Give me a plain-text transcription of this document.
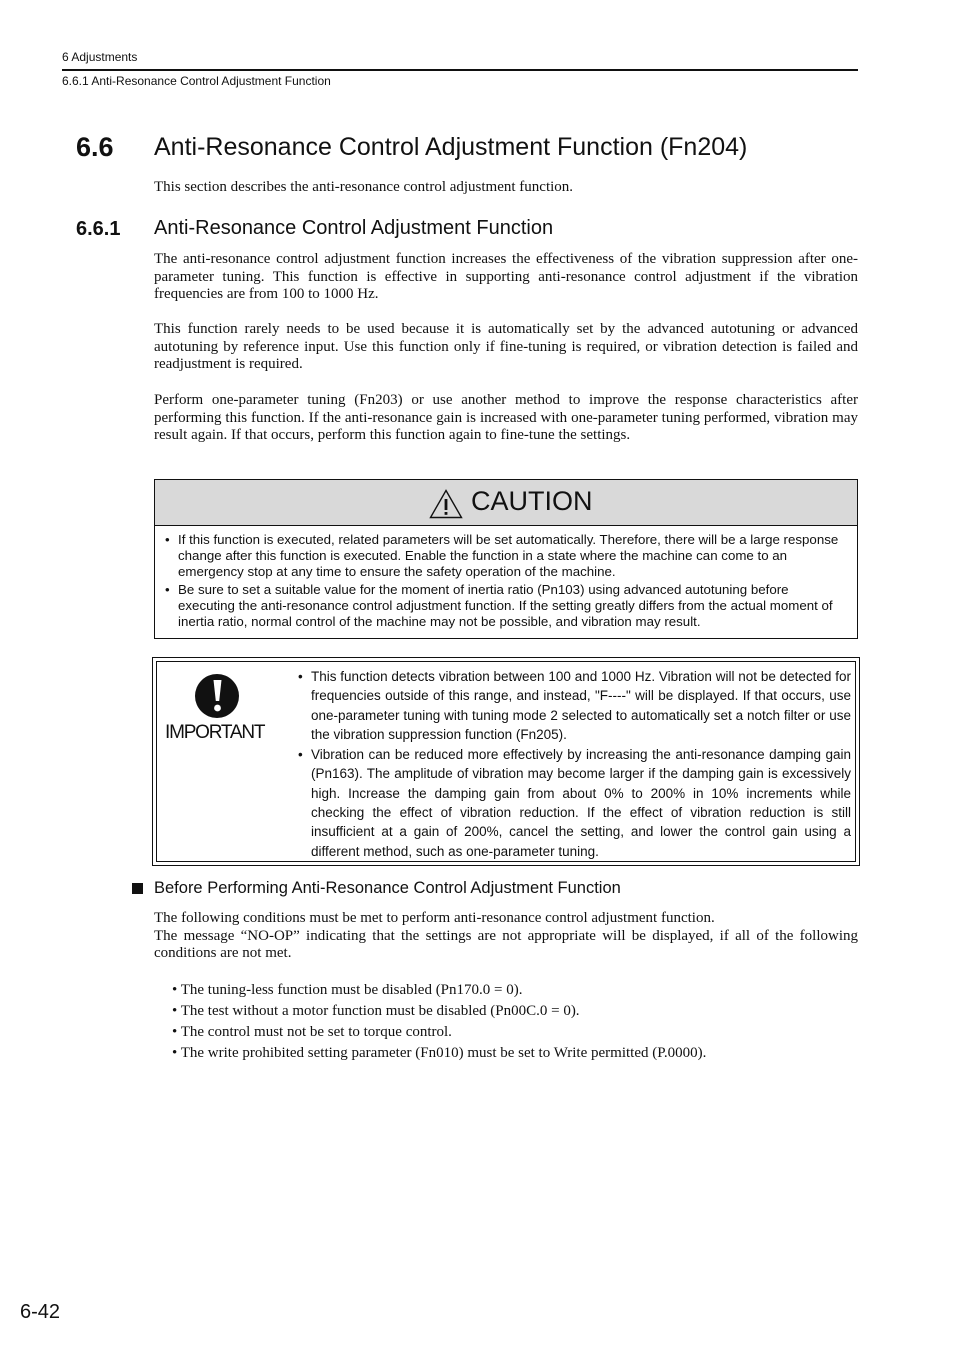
6 Adjustments
6.6.1 Anti-Resonance Control Adjustment Function
6.6 Anti-Resonance Control Adjustment Function (Fn204)
This section describes the anti-resonance control adjustment function.
6.6.1 Anti-Resonance Control Adjustment Function
The anti-resonance control adjustment function increases the effectiveness of the vibration suppression after one-parameter tuning. This function is effective in supporting anti-resonance control adjustment if the vibration frequencies are from 100 to 1000 Hz.
This function rarely needs to be used because it is automatically set by the advanced autotuning or advanced autotuning by reference input. Use this function only if fine-tuning is required, or vibration detection is failed and readjustment is required.
Perform one-parameter tuning (Fn203) or use another method to improve the response characteristics after performing this function. If the anti-resonance gain is increased with one-parameter tuning performed, vibration may result again. If that occurs, perform this function again to fine-tune the settings.
CAUTION
• If this function is executed, related parameters will be set automatically. Therefore, there will be a large response change after this function is executed. Enable the function in a state where the machine can come to an emergency stop at any time to ensure the safety operation of the machine.
• Be sure to set a suitable value for the moment of inertia ratio (Pn103) using advanced autotuning before executing the anti-resonance control adjustment function. If the setting greatly differs from the actual moment of inertia ratio, normal control of the machine may not be possible, and vibration may result.
IMPORTANT
• This function detects vibration between 100 and 1000 Hz. Vibration will not be detected for frequencies outside of this range, and instead, "F----" will be displayed. If that occurs, use one-parameter tuning with tuning mode 2 selected to automatically set a notch filter or use the vibration suppression function (Fn205).
• Vibration can be reduced more effectively by increasing the anti-resonance damping gain (Pn163). The amplitude of vibration may become larger if the damping gain is excessively high. Increase the damping gain from about 0% to 200% in 10% increments while checking the effect of vibration reduction. If the effect of vibration reduction is still insufficient at a gain of 200%, cancel the setting, and lower the control gain using a different method, such as one-parameter tuning.
Before Performing Anti-Resonance Control Adjustment Function
The following conditions must be met to perform anti-resonance control adjustment function.
The message “NO-OP” indicating that the settings are not appropriate will be displayed, if all of the following conditions are not met.
• The tuning-less function must be disabled (Pn170.0 = 0).
• The test without a motor function must be disabled (Pn00C.0 = 0).
• The control must not be set to torque control.
• The write prohibited setting parameter (Fn010) must be set to Write permitted (P.0000).
6-42
